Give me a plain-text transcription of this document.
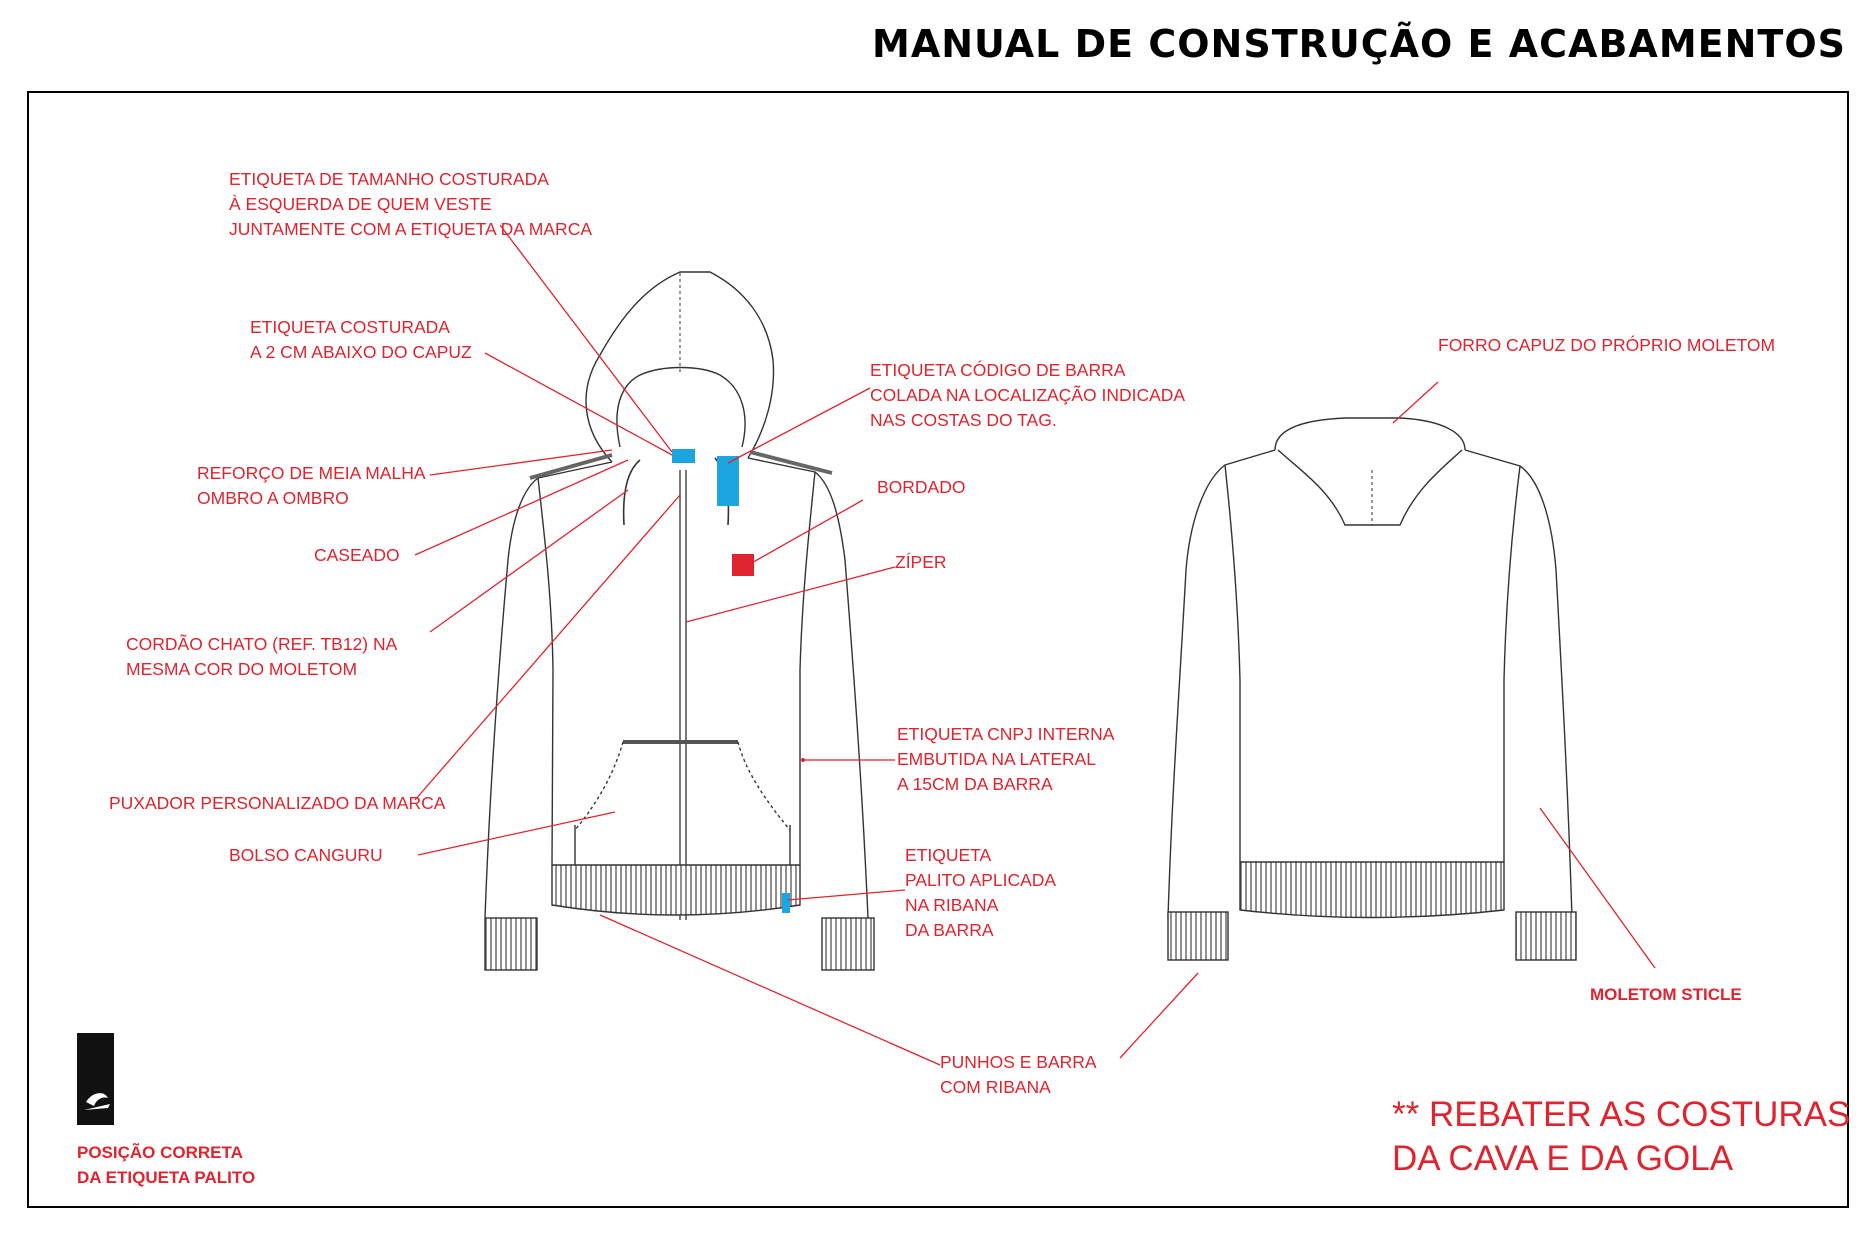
MANUAL DE CONSTRUÇÃO E ACABAMENTOS
ETIQUETA DE TAMANHO COSTURADA
À ESQUERDA DE QUEM VESTE
JUNTAMENTE COM A ETIQUETA DA MARCA
ETIQUETA COSTURADA
A 2 CM ABAIXO DO CAPUZ
REFORÇO DE MEIA MALHA
OMBRO A OMBRO
CASEADO
CORDÃO CHATO (REF. TB12) NA
MESMA COR DO MOLETOM
PUXADOR PERSONALIZADO DA MARCA
BOLSO CANGURU
ETIQUETA CÓDIGO DE BARRA
COLADA NA LOCALIZAÇÃO INDICADA
NAS COSTAS DO TAG.
BORDADO
ZÍPER
ETIQUETA CNPJ INTERNA
EMBUTIDA NA LATERAL
A 15CM DA BARRA
ETIQUETA
PALITO APLICADA
NA RIBANA
DA BARRA
PUNHOS E BARRA
COM RIBANA
FORRO CAPUZ DO PRÓPRIO MOLETOM
MOLETOM STICLE
POSIÇÃO CORRETA
DA ETIQUETA PALITO
** REBATER AS COSTURAS
DA CAVA E DA GOLA
